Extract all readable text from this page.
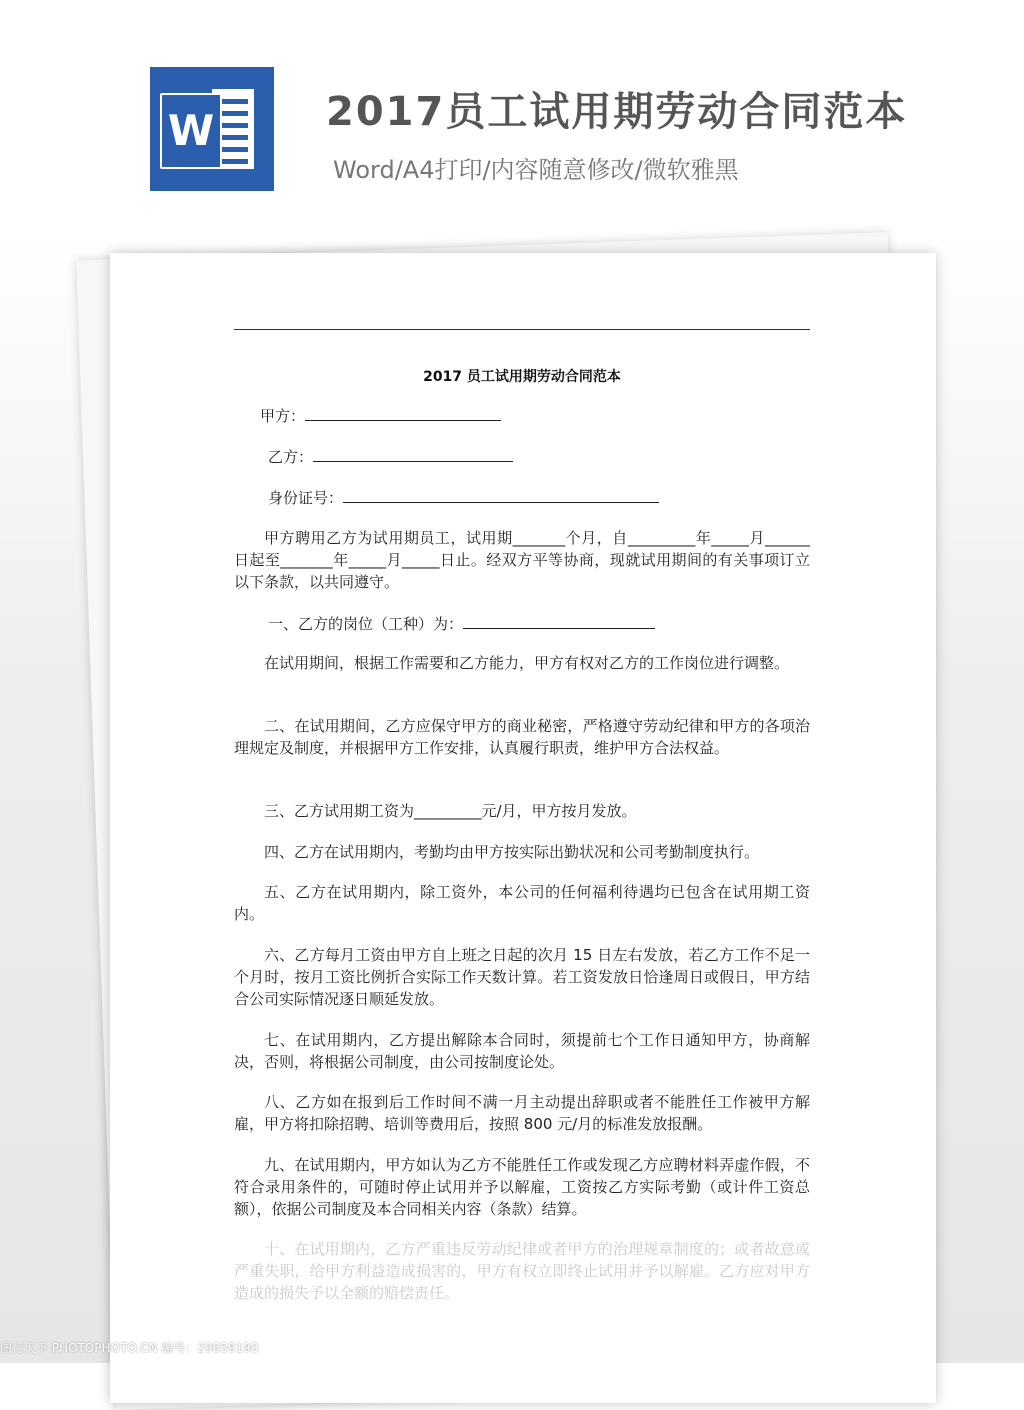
W	2017员工试用期劳动合同范本
Word/A4打印/内容随意修改/微软雅黑
2017 员工试用期劳动合同范本
甲方：
乙方：
身份证号：
甲方聘用乙方为试用期员工，试用期_______个月，自_________年_____月______日起至_______年_____月_____日止。经双方平等协商，现就试用期间的有关事项订立以下条款，以共同遵守。
一、乙方的岗位（工种）为：
在试用期间，根据工作需要和乙方能力，甲方有权对乙方的工作岗位进行调整。
二、在试用期间，乙方应保守甲方的商业秘密，严格遵守劳动纪律和甲方的各项治理规定及制度，并根据甲方工作安排，认真履行职责，维护甲方合法权益。
三、乙方试用期工资为_________元/月，甲方按月发放。
四、乙方在试用期内，考勤均由甲方按实际出勤状况和公司考勤制度执行。
五、乙方在试用期内，除工资外，本公司的任何福利待遇均已包含在试用期工资内。
六、乙方每月工资由甲方自上班之日起的次月 15 日左右发放，若乙方工作不足一个月时，按月工资比例折合实际工作天数计算。若工资发放日恰逢周日或假日，甲方结合公司实际情况逐日顺延发放。
七、在试用期内，乙方提出解除本合同时，须提前七个工作日通知甲方，协商解决，否则，将根据公司制度，由公司按制度论处。
八、乙方如在报到后工作时间不满一月主动提出辞职或者不能胜任工作被甲方解雇，甲方将扣除招聘、培训等费用后，按照 800 元/月的标准发放报酬。
九、在试用期内，甲方如认为乙方不能胜任工作或发现乙方应聘材料弄虚作假，不符合录用条件的，可随时停止试用并予以解雇，工资按乙方实际考勤（或计件工资总额），依据公司制度及本合同相关内容（条款）结算。
十、在试用期内，乙方严重违反劳动纪律或者甲方的治理规章制度的；或者故意或严重失职，给甲方利益造成损害的，甲方有权立即终止试用并予以解雇。乙方应对甲方造成的损失予以全额的赔偿责任。
图行天下 PHOTOPHOTO.CN 编号：29059190
